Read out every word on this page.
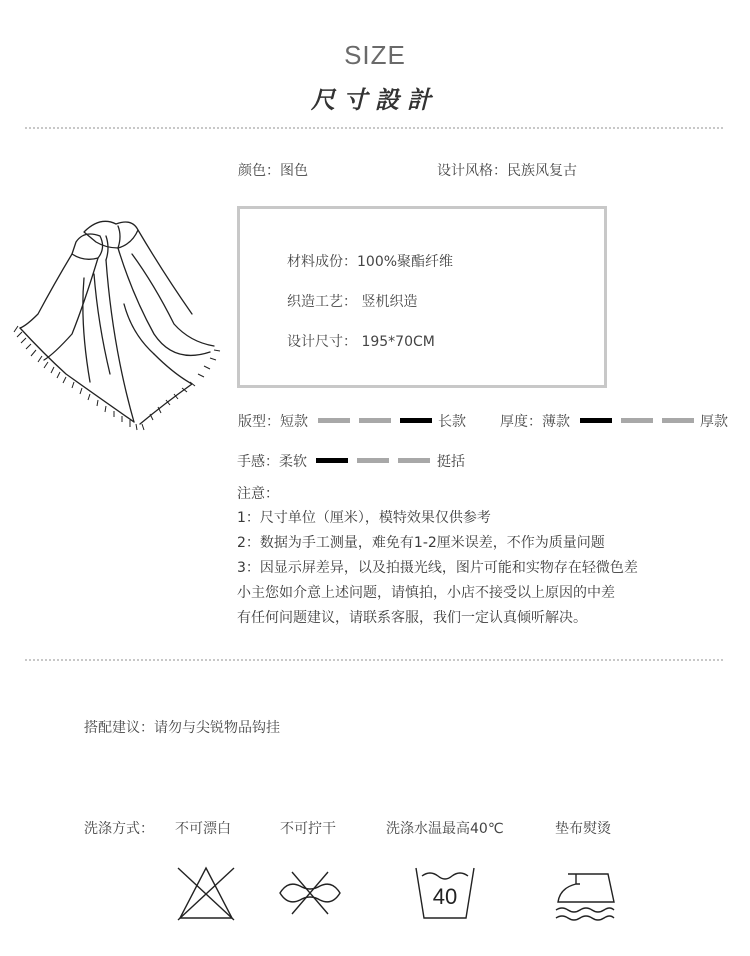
SIZE
尺寸設計
颜色：图色	设计风格：民族风复古
材料成份：100%聚酯纤维
织造工艺： 竖机织造
设计尺寸： 195*70CM
版型：短款	长款 厚度：薄款	厚款
手感：柔软	挺括
注意：
1：尺寸单位（厘米），模特效果仅供参考
2：数据为手工测量，难免有1-2厘米误差，不作为质量问题
3：因显示屏差异，以及拍摄光线，图片可能和实物存在轻微色差
小主您如介意上述问题，请慎拍，小店不接受以上原因的中差
有任何问题建议，请联系客服，我们一定认真倾听解决。
搭配建议：请勿与尖锐物品钩挂
洗涤方式： 不可漂白	不可拧干	洗涤水温最高40℃	垫布熨烫
40
